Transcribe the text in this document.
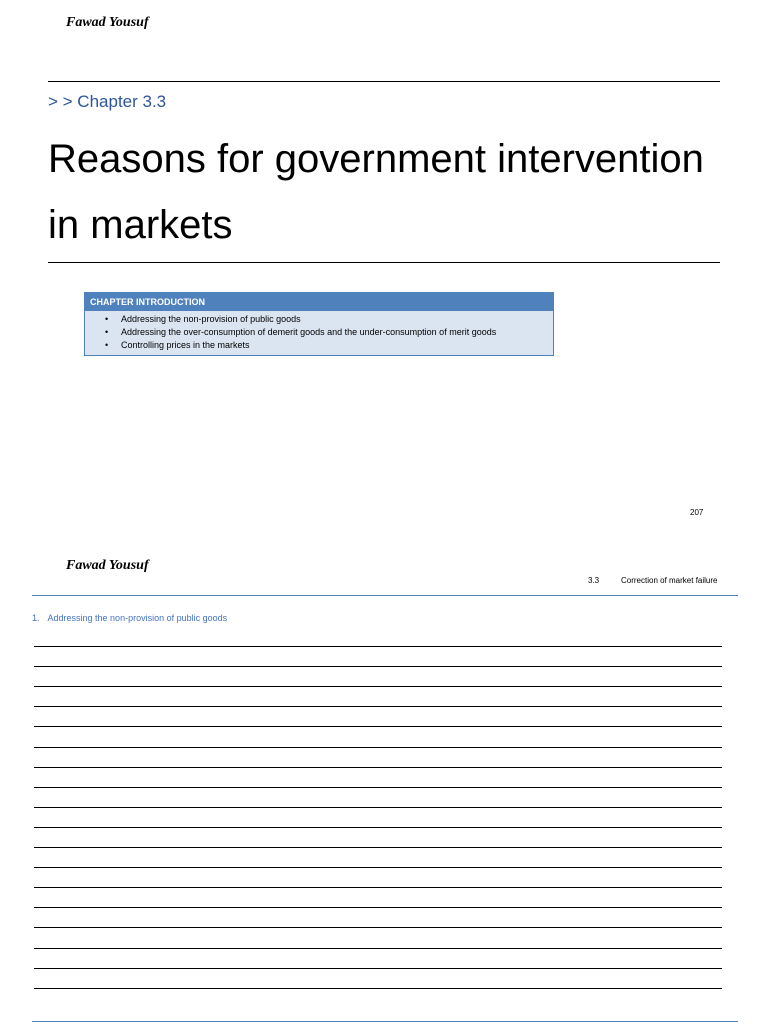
Fawad Yousuf
> > Chapter 3.3
Reasons for government intervention in markets
CHAPTER INTRODUCTION
• Addressing the non-provision of public goods
• Addressing the over-consumption of demerit goods and the under-consumption of merit goods
• Controlling prices in the markets
207
Fawad Yousuf
3.3	Correction of market failure
1. Addressing the non-provision of public goods
